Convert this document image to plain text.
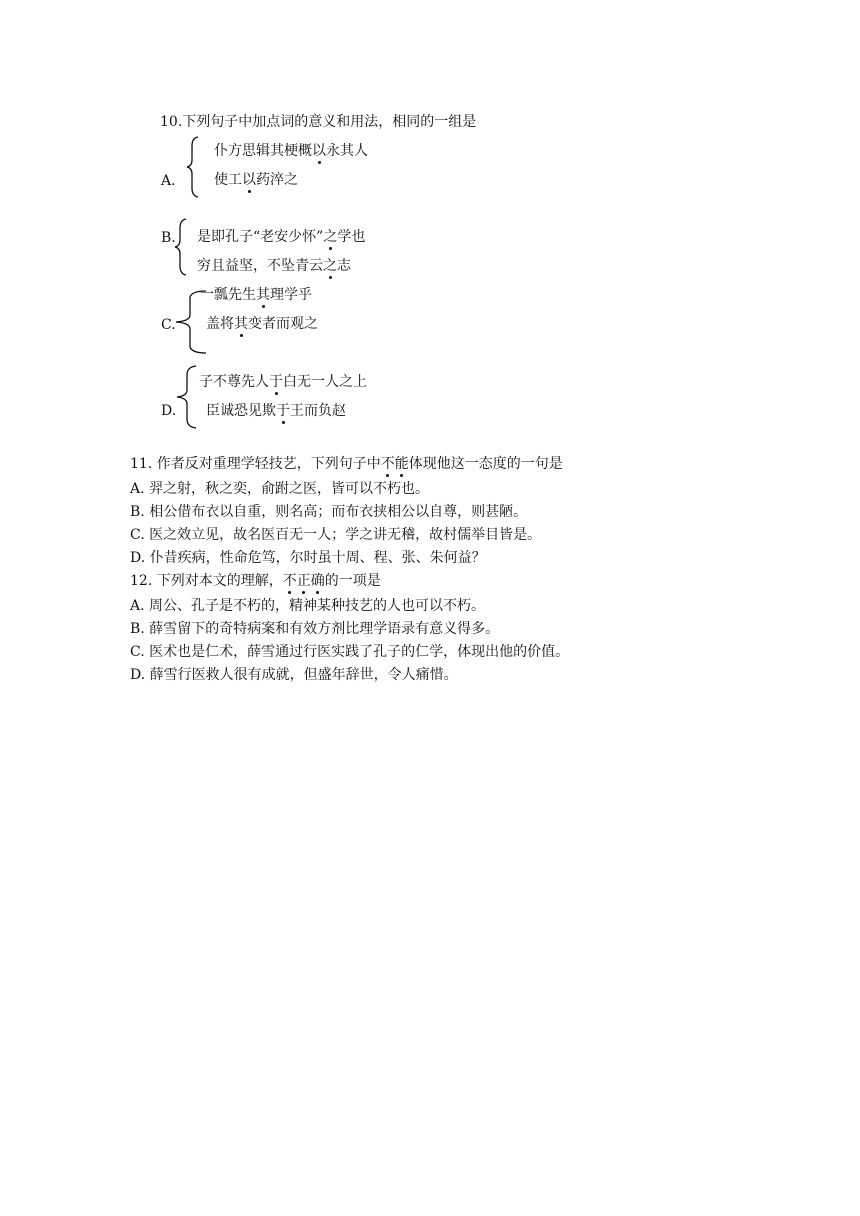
10.下列句子中加点词的意义和用法，相同的一组是
A.
仆方思辑其梗概以永其人
使工以药淬之
B. 是即孔子“老安少怀”之学也
穷且益坚，不坠青云之志
C.
一瓢先生其理学乎
盖将其变者而观之
D.
子不尊先人于白无一人之上
臣诚恐见欺于王而负赵
11. 作者反对重理学轻技艺，下列句子中不能体现他这一态度的一句是
A. 羿之射，秋之奕，俞跗之医，皆可以不朽也。
B. 相公借布衣以自重，则名高；而布衣挟相公以自尊，则甚陋。
C. 医之效立见，故名医百无一人；学之讲无稽，故村儒举目皆是。
D. 仆昔疾病，性命危笃，尔时虽十周、程、张、朱何益？
12. 下列对本文的理解，不正确的一项是
A. 周公、孔子是不朽的，精神某种技艺的人也可以不朽。
B. 薛雪留下的奇特病案和有效方剂比理学语录有意义得多。
C. 医术也是仁术，薛雪通过行医实践了孔子的仁学，体现出他的价值。
D. 薛雪行医救人很有成就，但盛年辞世，令人痛惜。
